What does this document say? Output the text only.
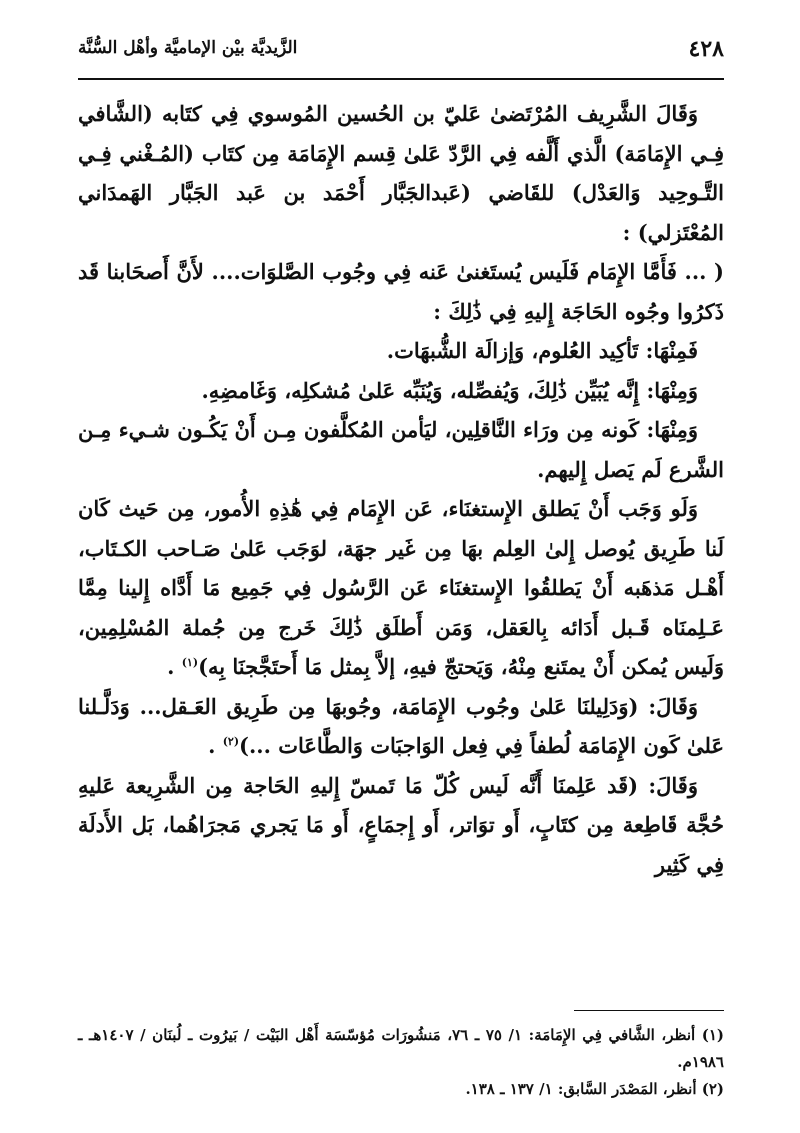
٤٢٨
الزَّيديَّة بيْن الإماميَّة وأهْل السُّنَّة

وَقَالَ الشَّرِيف المُرْتَضىٰ عَليّ بن الحُسين المُوسوي فِي كتَابه (الشَّافي فِـي الإِمَامَة) الَّذي أَلَّفه فِي الرَّدّ عَلىٰ قِسم الإِمَامَة مِن كتَاب (المُـغْني فِـي التَّـوحِيد وَالعَدْل) للقَاضي (عَبدالجَبَّار أَحْمَد بن عَبد الجَبَّار الهَمدَاني المُعْتَزلي) :

( ... فَأَمَّا الإِمَام فَلَيس يُستَغنىٰ عَنه فِي وجُوب الصَّلوَات.... لأَنَّ أَصحَابنا قَد ذَكرُوا وجُوه الحَاجَة إِليهِ فِي ذَٰلِكَ :

فَمِنْهَا: تَأكِيد العُلوم، وَإزالَة الشُّبهَات.

وَمِنْهَا: إِنَّه يُبَيِّن ذَٰلِكَ، وَيُفصِّله، وَيُنَبِّه عَلىٰ مُشكلِه، وَغَامضِهِ.

وَمِنْهَا: كَونه مِن ورَاء النَّاقلِين، ليَأمن المُكلَّفون مِـن أَنْ يَكُـون شـيء مِـن الشَّرع لَم يَصل إِليهم.

وَلَو وَجَب أَنْ يَطلق الإِستغنَاء، عَن الإِمَام فِي هَٰذِهِ الأُمور، مِن حَيث كَان لَنا طَرِيق يُوصل إِلىٰ العِلم بهَا مِن غَير جهَة، لوَجَب عَلىٰ صَـاحب الكـتَاب، أَهْـل مَذهَبه أَنْ يَطلقُوا الإِستغنَاء عَن الرَّسُول فِي جَمِيع مَا أَدَّاه إِلينا مِمَّا عَـلِمنَاه قَـبل أَدَائه بِالعَقل، وَمَن أَطلَق ذَٰلِكَ خَرج مِن جُملة المُسْلِمِين، وَلَيس يُمكن أَنْ يمتَنع مِنْهُ، وَيَحتجّ فيهِ، إلاَّ بِمثل مَا أَحتَجَّجنَا بِه)$^{(١)}$ .

وَقَالَ: (وَدَلِيلنَا عَلىٰ وجُوب الإِمَامَة، وجُوبهَا مِن طَرِيق العَـقل... وَدَلَّـلنا عَلىٰ كَون الإِمَامَة لُطفاً فِي فِعل الوَاجبَات وَالطَّاعَات ...)$^{(٢)}$ .

وَقَالَ: (قَد عَلِمنَا أَنَّه لَيس كُلّ مَا تَمسّ إِليهِ الحَاجة مِن الشَّرِيعة عَليهِ حُجَّة قَاطِعة مِن كتَابٍ، أَو توَاتر، أَو إِجمَاعٍ، أَو مَا يَجري مَجرَاهُما، بَل الأَدلَة فِي كَثِير

(١) أنظر، الشَّافي فِي الإِمَامَة: ١/ ٧٥ ـ ٧٦، مَنشُورَات مُؤسّسَة أَهْل البَيْت / بَيرُوت ـ لُبنَان / ١٤٠٧هـ ـ ١٩٨٦م.

(٢) أنظر، المَصْدَر السَّابق: ١/ ١٣٧ ـ ١٣٨.
